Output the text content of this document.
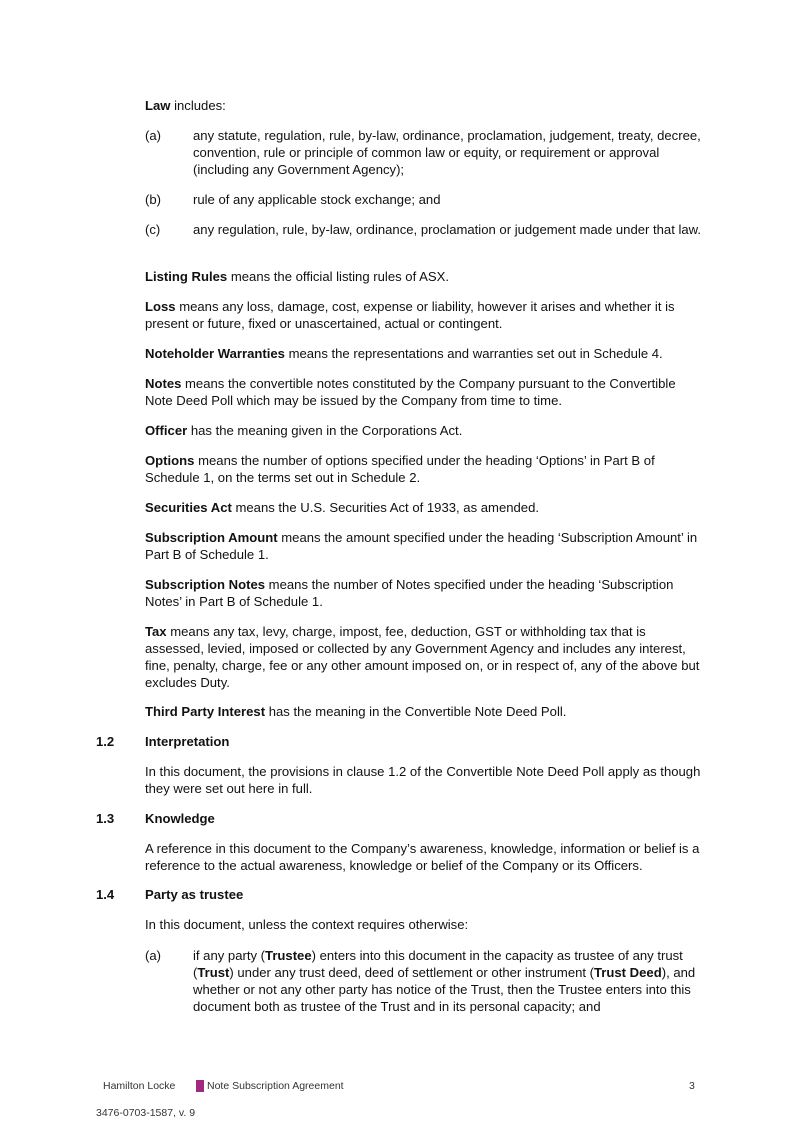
Law includes:

(a) any statute, regulation, rule, by-law, ordinance, proclamation, judgement, treaty, decree, convention, rule or principle of common law or equity, or requirement or approval (including any Government Agency);
(b) rule of any applicable stock exchange; and
(c) any regulation, rule, by-law, ordinance, proclamation or judgement made under that law.

Listing Rules means the official listing rules of ASX.

Loss means any loss, damage, cost, expense or liability, however it arises and whether it is present or future, fixed or unascertained, actual or contingent.

Noteholder Warranties means the representations and warranties set out in Schedule 4.

Notes means the convertible notes constituted by the Company pursuant to the Convertible Note Deed Poll which may be issued by the Company from time to time.

Officer has the meaning given in the Corporations Act.

Options means the number of options specified under the heading ‘Options’ in Part B of Schedule 1, on the terms set out in Schedule 2.

Securities Act means the U.S. Securities Act of 1933, as amended.

Subscription Amount means the amount specified under the heading ‘Subscription Amount’ in Part B of Schedule 1.

Subscription Notes means the number of Notes specified under the heading ‘Subscription Notes’ in Part B of Schedule 1.

Tax means any tax, levy, charge, impost, fee, deduction, GST or withholding tax that is assessed, levied, imposed or collected by any Government Agency and includes any interest, fine, penalty, charge, fee or any other amount imposed on, or in respect of, any of the above but excludes Duty.

Third Party Interest has the meaning in the Convertible Note Deed Poll.

1.2 Interpretation

In this document, the provisions in clause 1.2 of the Convertible Note Deed Poll apply as though they were set out here in full.

1.3 Knowledge

A reference in this document to the Company’s awareness, knowledge, information or belief is a reference to the actual awareness, knowledge or belief of the Company or its Officers.

1.4 Party as trustee

In this document, unless the context requires otherwise:

(a) if any party (Trustee) enters into this document in the capacity as trustee of any trust (Trust) under any trust deed, deed of settlement or other instrument (Trust Deed), and whether or not any other party has notice of the Trust, then the Trustee enters into this document both as trustee of the Trust and in its personal capacity; and
Hamilton Locke	Note Subscription Agreement	3
3476-0703-1587, v. 9
